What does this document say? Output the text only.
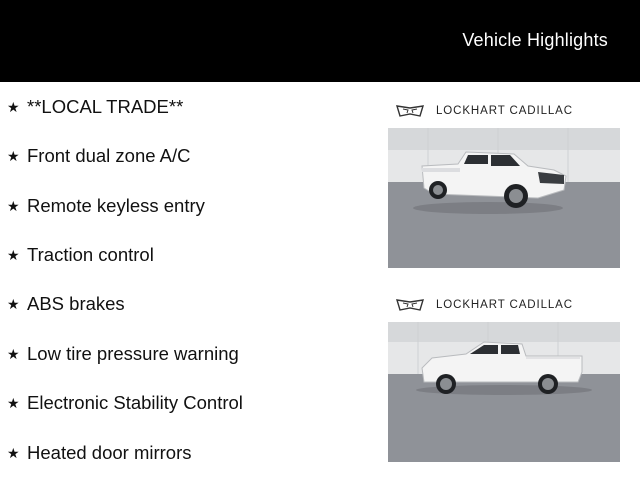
Vehicle Highlights
★ **LOCAL TRADE**
★ Front dual zone A/C
★ Remote keyless entry
★ Traction control
★ ABS brakes
★ Low tire pressure warning
★ Electronic Stability Control
★ Heated door mirrors
LOCKHART CADILLAC
LOCKHART CADILLAC
